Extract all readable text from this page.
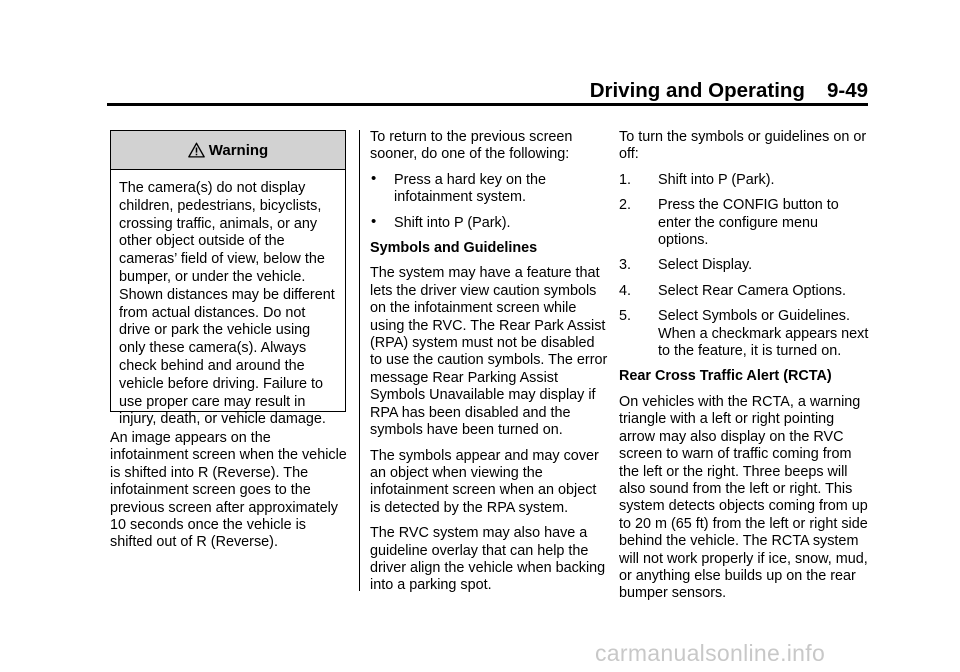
Driving and Operating 9-49
Warning
The camera(s) do not display children, pedestrians, bicyclists, crossing traffic, animals, or any other object outside of the cameras’ field of view, below the bumper, or under the vehicle. Shown distances may be different from actual distances. Do not drive or park the vehicle using only these camera(s). Always check behind and around the vehicle before driving. Failure to use proper care may result in injury, death, or vehicle damage.

An image appears on the infotainment screen when the vehicle is shifted into R (Reverse). The infotainment screen goes to the previous screen after approximately 10 seconds once the vehicle is shifted out of R (Reverse).

To return to the previous screen sooner, do one of the following:

• Press a hard key on the infotainment system.
• Shift into P (Park).

Symbols and Guidelines

The system may have a feature that lets the driver view caution symbols on the infotainment screen while using the RVC. The Rear Park Assist (RPA) system must not be disabled to use the caution symbols. The error message Rear Parking Assist Symbols Unavailable may display if RPA has been disabled and the symbols have been turned on.

The symbols appear and may cover an object when viewing the infotainment screen when an object is detected by the RPA system.

The RVC system may also have a guideline overlay that can help the driver align the vehicle when backing into a parking spot.

To turn the symbols or guidelines on or off:

1. Shift into P (Park).
2. Press the CONFIG button to enter the configure menu options.
3. Select Display.
4. Select Rear Camera Options.
5. Select Symbols or Guidelines. When a checkmark appears next to the feature, it is turned on.

Rear Cross Traffic Alert (RCTA)

On vehicles with the RCTA, a warning triangle with a left or right pointing arrow may also display on the RVC screen to warn of traffic coming from the left or the right. Three beeps will also sound from the left or right. This system detects objects coming from up to 20 m (65 ft) from the left or right side behind the vehicle. The RCTA system will not work properly if ice, snow, mud, or anything else builds up on the rear bumper sensors.

carmanualsonline.info
